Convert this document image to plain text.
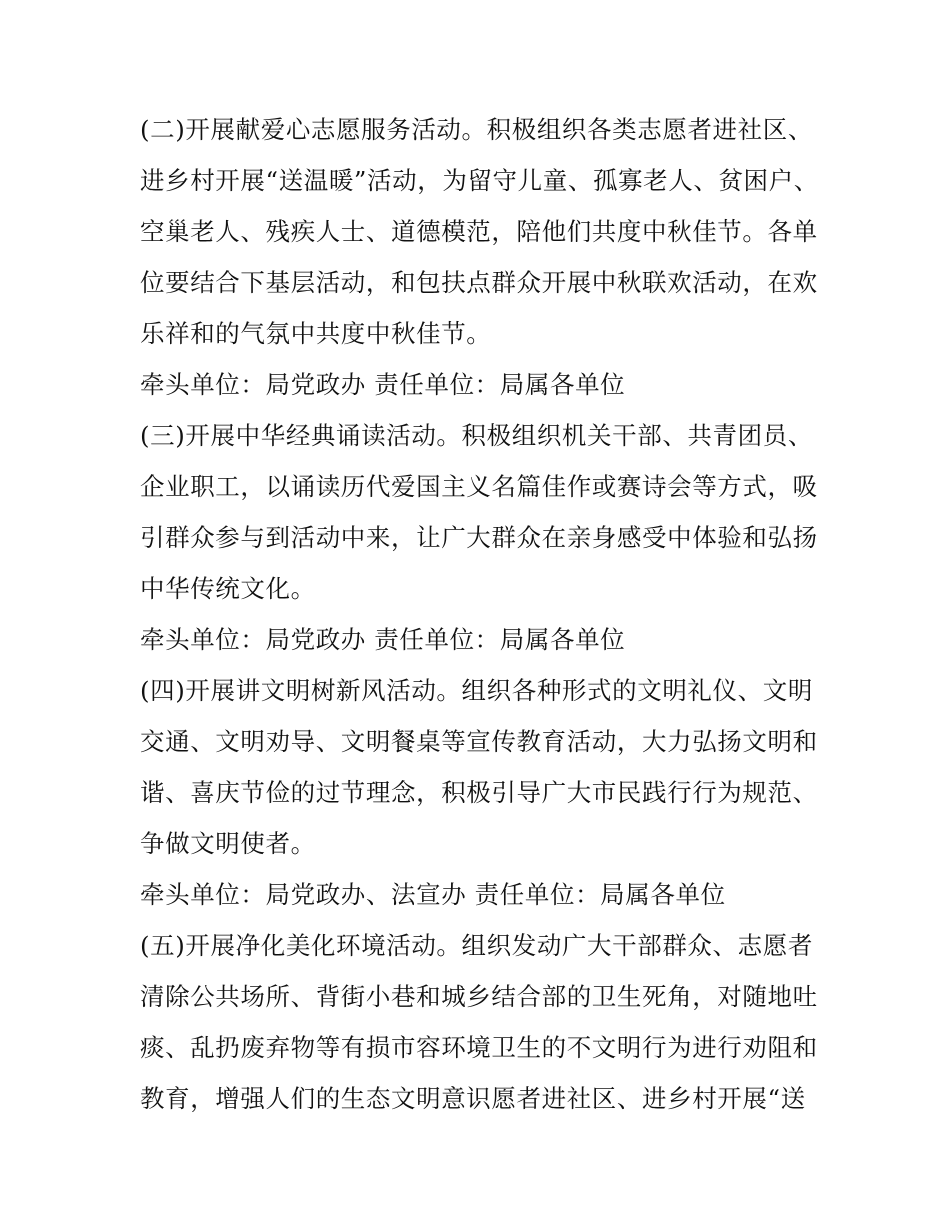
(二)开展献爱心志愿服务活动。积极组织各类志愿者进社区、
进乡村开展“送温暖”活动，为留守儿童、孤寡老人、贫困户、
空巢老人、残疾人士、道德模范，陪他们共度中秋佳节。各单
位要结合下基层活动，和包扶点群众开展中秋联欢活动，在欢
乐祥和的气氛中共度中秋佳节。
牵头单位：局党政办 责任单位：局属各单位
(三)开展中华经典诵读活动。积极组织机关干部、共青团员、
企业职工，以诵读历代爱国主义名篇佳作或赛诗会等方式，吸
引群众参与到活动中来，让广大群众在亲身感受中体验和弘扬
中华传统文化。
牵头单位：局党政办 责任单位：局属各单位
(四)开展讲文明树新风活动。组织各种形式的文明礼仪、文明
交通、文明劝导、文明餐桌等宣传教育活动，大力弘扬文明和
谐、喜庆节俭的过节理念，积极引导广大市民践行行为规范、
争做文明使者。
牵头单位：局党政办、法宣办 责任单位：局属各单位
(五)开展净化美化环境活动。组织发动广大干部群众、志愿者
清除公共场所、背街小巷和城乡结合部的卫生死角，对随地吐
痰、乱扔废弃物等有损市容环境卫生的不文明行为进行劝阻和
教育，增强人们的生态文明意识愿者进社区、进乡村开展“送
